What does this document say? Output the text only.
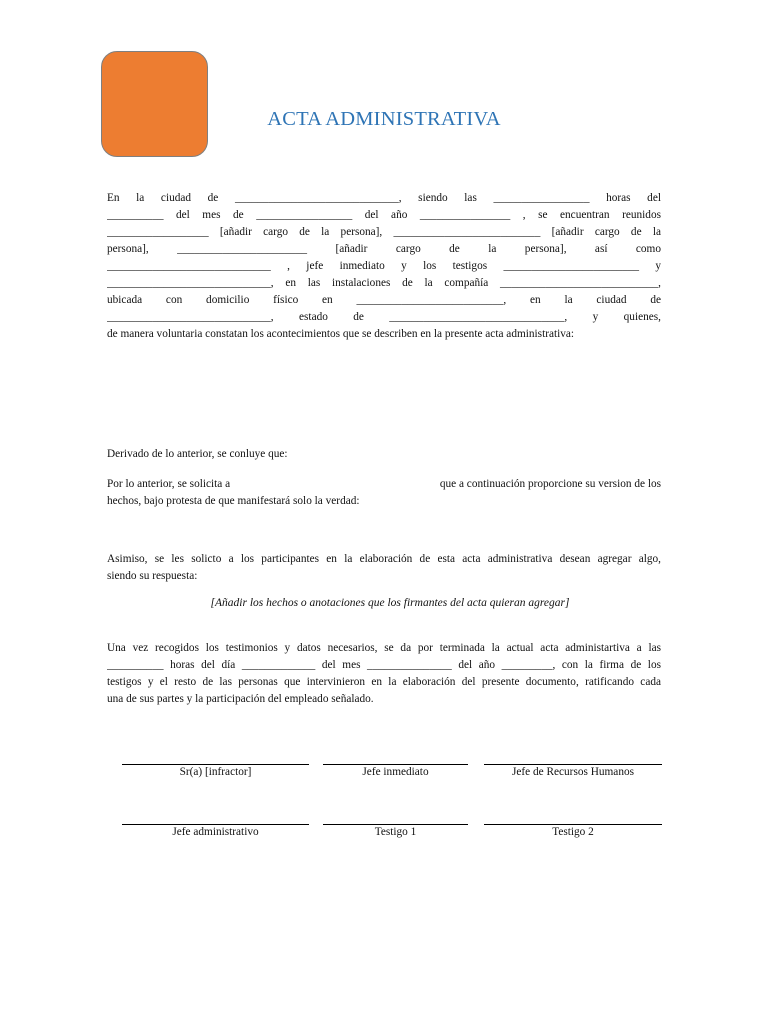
ACTA ADMINISTRATIVA
En la ciudad de _____________________________, siendo las _________________ horas del
__________ del mes de _________________ del año ________________ , se encuentran reunidos
__________________ [añadir cargo de la persona], __________________________ [añadir cargo de la
persona], _______________________ [añadir cargo de la persona], así como
_____________________________ , jefe inmediato y los testigos ________________________ y
_____________________________, en las instalaciones de la compañía ____________________________,
ubicada con domicilio físico en __________________________, en la ciudad de
_____________________________, estado de _______________________________, y quienes,
de manera voluntaria constatan los acontecimientos que se describen en la presente acta administrativa:
Derivado de lo anterior, se conluye que:
Por lo anterior, se solicita a	que a continuación proporcione su version de los
hechos, bajo protesta de que manifestará solo la verdad:
Asimiso, se les solicto a los participantes en la elaboración de esta acta administrativa desean agregar algo,
siendo su respuesta:
[Añadir los hechos o anotaciones que los firmantes del acta quieran agregar]
Una vez recogidos los testimonios y datos necesarios, se da por terminada la actual acta administartiva a las
__________ horas del día _____________ del mes _______________ del año _________, con la firma de los
testigos y el resto de las personas que intervinieron en la elaboración del presente documento, ratificando cada
una de sus partes y la participación del empleado señalado.
Sr(a) [infractor]	Jefe inmediato	Jefe de Recursos Humanos
Jefe administrativo	Testigo 1	Testigo 2
